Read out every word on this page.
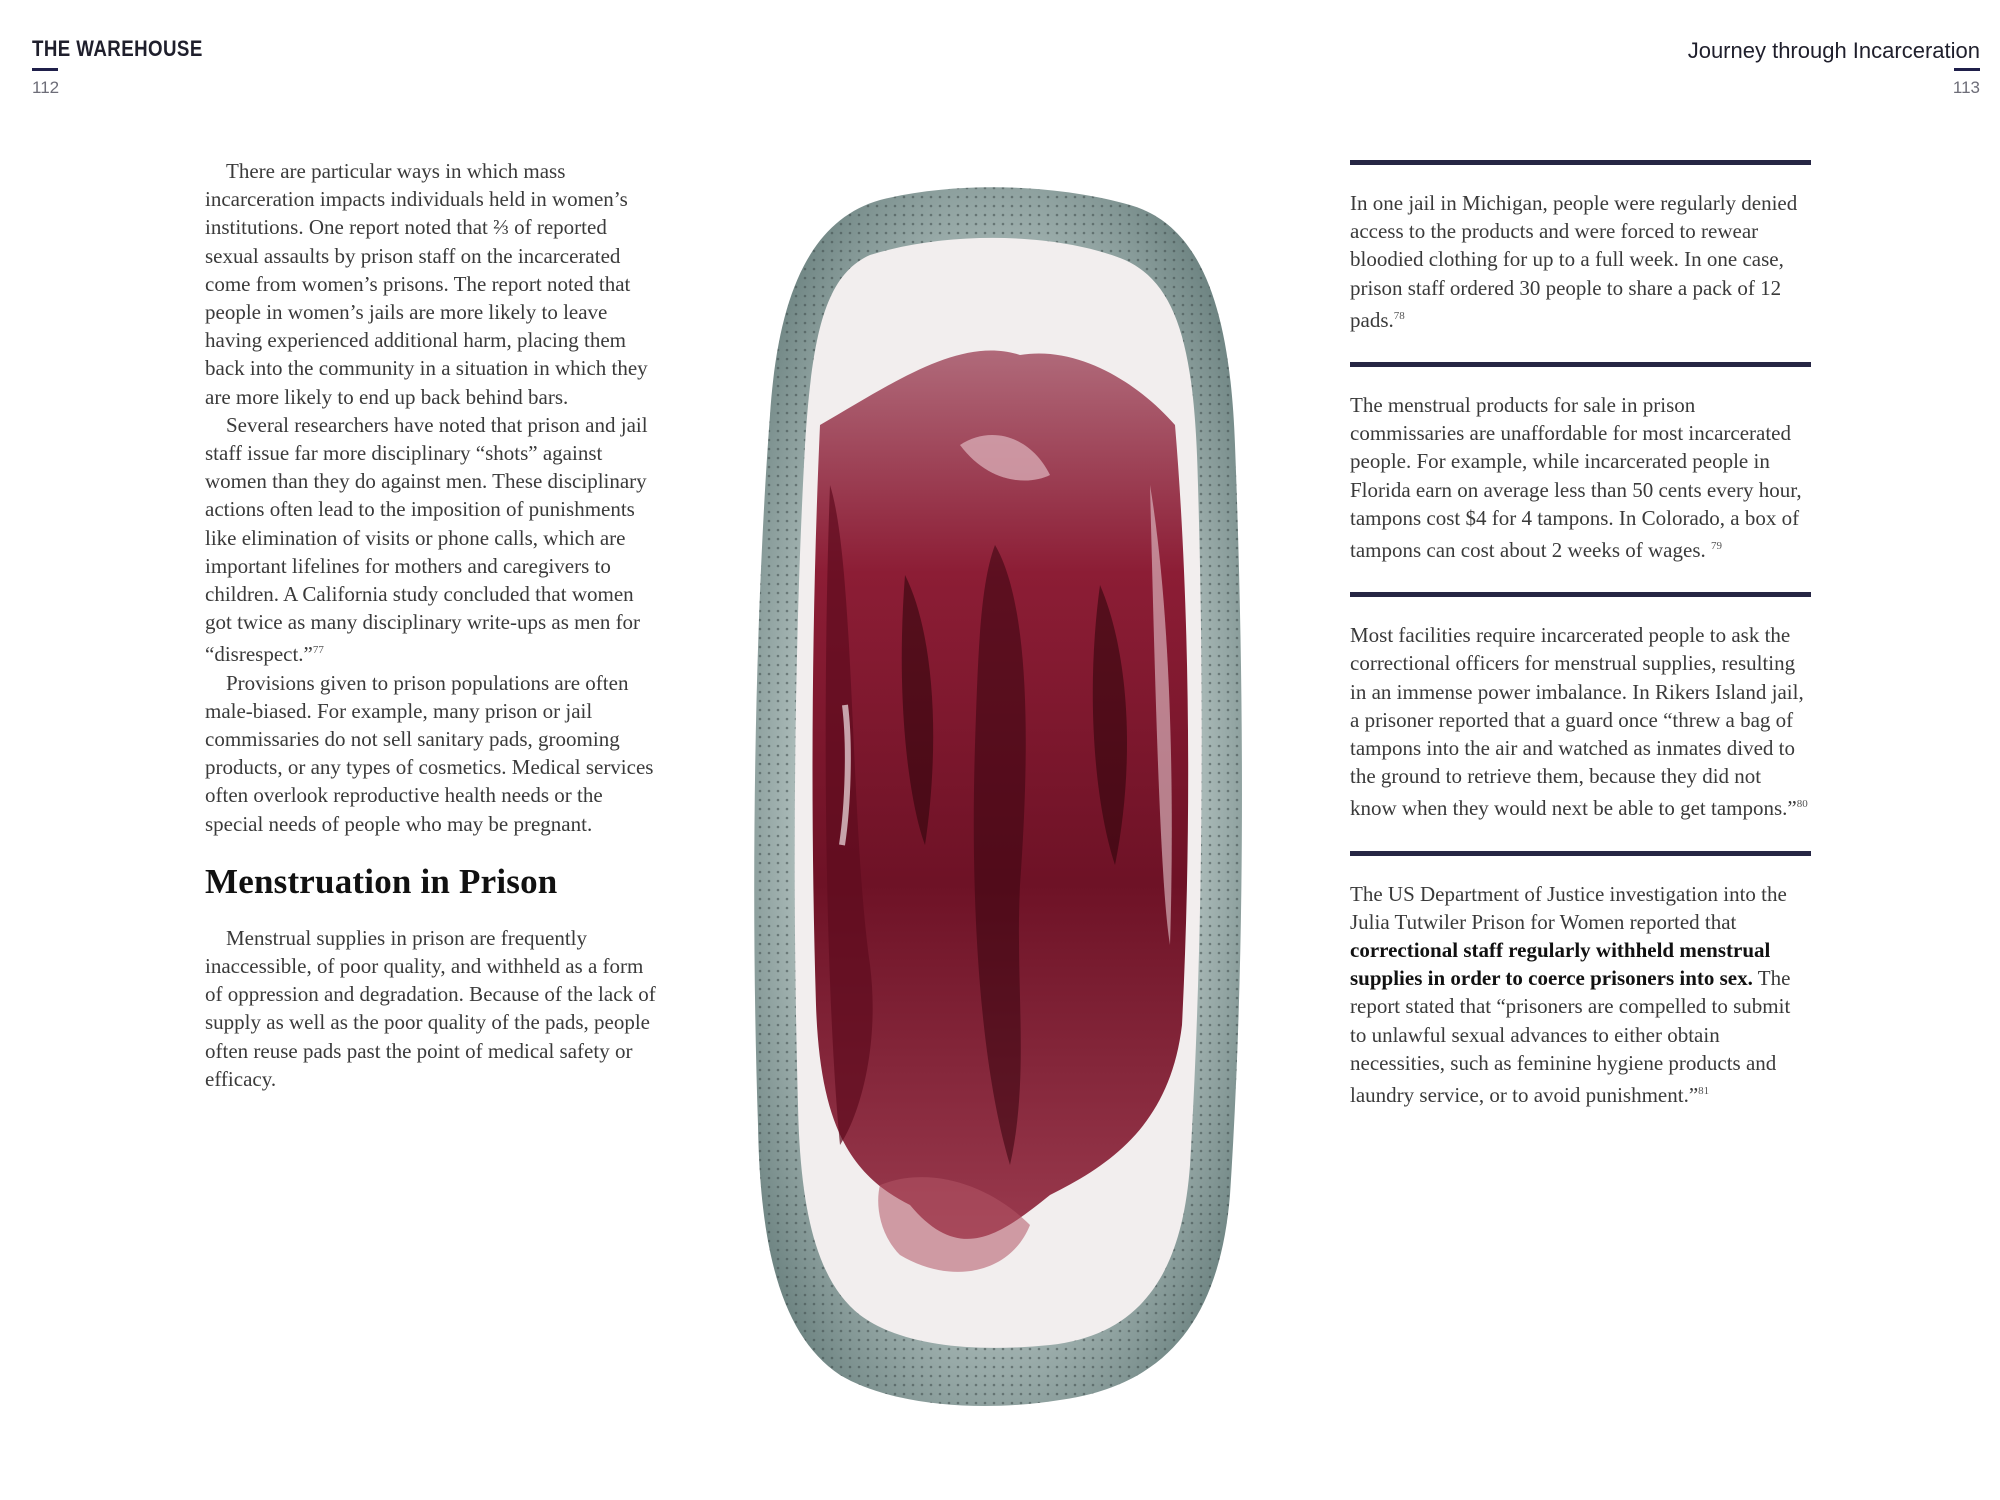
THE WAREHOUSE
112
Journey through Incarceration
113

There are particular ways in which mass incarceration impacts individuals held in women’s institutions. One report noted that ⅔ of reported sexual assaults by prison staff on the incarcerated come from women’s prisons. The report noted that people in women’s jails are more likely to leave having experienced additional harm, placing them back into the community in a situation in which they are more likely to end up back behind bars.

Several researchers have noted that prison and jail staff issue far more disciplinary “shots” against women than they do against men. These disciplinary actions often lead to the imposition of punishments like elimination of visits or phone calls, which are important lifelines for mothers and caregivers to children. A California study concluded that women got twice as many disciplinary write-ups as men for “disrespect.”$^{77}$

Provisions given to prison populations are often male-biased. For example, many prison or jail commissaries do not sell sanitary pads, grooming products, or any types of cosmetics. Medical services often overlook reproductive health needs or the special needs of people who may be pregnant.

Menstruation in Prison

Menstrual supplies in prison are frequently inaccessible, of poor quality, and withheld as a form of oppression and degradation. Because of the lack of supply as well as the poor quality of the pads, people often reuse pads past the point of medical safety or efficacy.

In one jail in Michigan, people were regularly denied access to the products and were forced to rewear bloodied clothing for up to a full week. In one case, prison staff ordered 30 people to share a pack of 12 pads.$^{78}$

The menstrual products for sale in prison commissaries are unaffordable for most incarcerated people. For example, while incarcerated people in Florida earn on average less than 50 cents every hour, tampons cost $4 for 4 tampons. In Colorado, a box of tampons can cost about 2 weeks of wages. $^{79}$

Most facilities require incarcerated people to ask the correctional officers for menstrual supplies, resulting in an immense power imbalance. In Rikers Island jail, a prisoner reported that a guard once “threw a bag of tampons into the air and watched as inmates dived to the ground to retrieve them, because they did not know when they would next be able to get tampons.”$^{80}$

The US Department of Justice investigation into the Julia Tutwiler Prison for Women reported that correctional staff regularly withheld menstrual supplies in order to coerce prisoners into sex. The report stated that “prisoners are compelled to submit to unlawful sexual advances to either obtain necessities, such as feminine hygiene products and laundry service, or to avoid punishment.”$^{81}$
